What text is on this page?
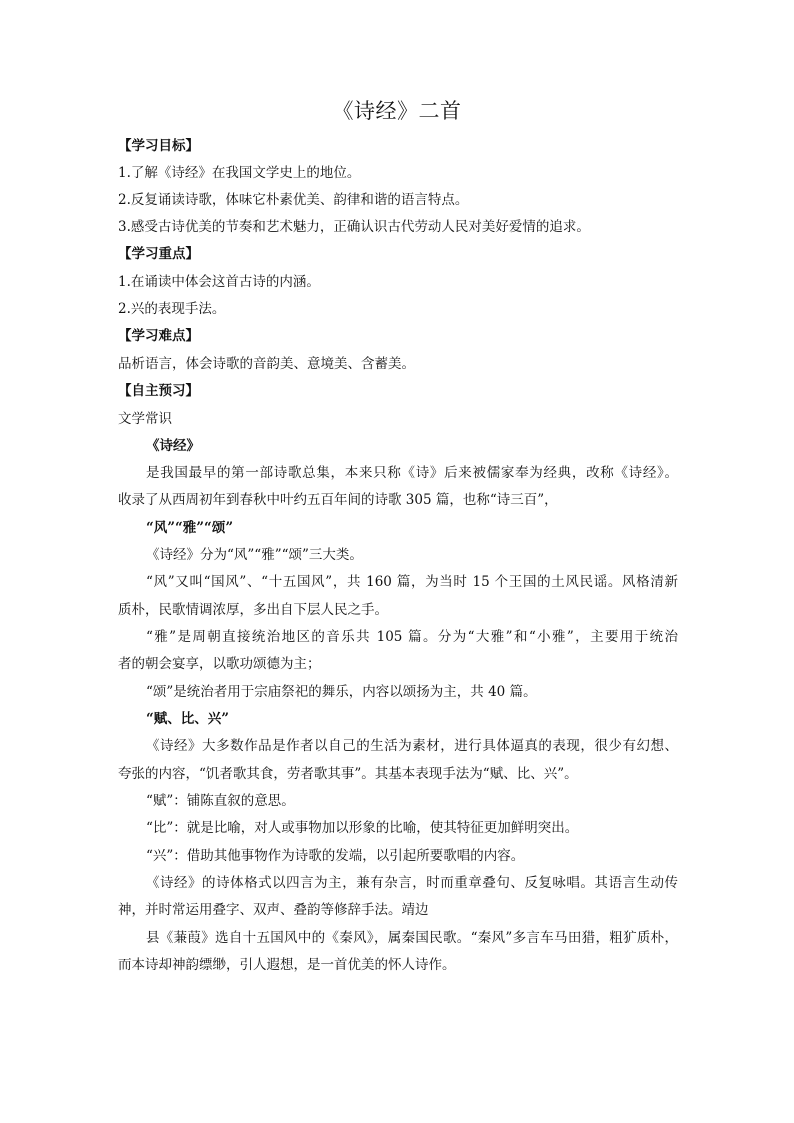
《诗经》二首
【学习目标】
1.了解《诗经》在我国文学史上的地位。
2.反复诵读诗歌，体味它朴素优美、韵律和谐的语言特点。
3.感受古诗优美的节奏和艺术魅力，正确认识古代劳动人民对美好爱情的追求。
【学习重点】
1.在诵读中体会这首古诗的内涵。
2.兴的表现手法。
【学习难点】
品析语言，体会诗歌的音韵美、意境美、含蓄美。
【自主预习】
文学常识
《诗经》
是我国最早的第一部诗歌总集，本来只称《诗》后来被儒家奉为经典，改称《诗经》。
收录了从西周初年到春秋中叶约五百年间的诗歌 305 篇，也称“诗三百”，
“风”“雅”“颂”
《诗经》分为“风”“雅”“颂”三大类。
“风”又叫“国风”、“十五国风”，共 160 篇，为当时 15 个王国的土风民谣。风格清新
质朴，民歌情调浓厚，多出自下层人民之手。
“雅”是周朝直接统治地区的音乐共 105 篇。分为“大雅”和“小雅”，主要用于统治
者的朝会宴享，以歌功颂德为主；
“颂”是统治者用于宗庙祭祀的舞乐，内容以颂扬为主，共 40 篇。
“赋、比、兴”
《诗经》大多数作品是作者以自己的生活为素材，进行具体逼真的表现，很少有幻想、
夸张的内容，“饥者歌其食，劳者歌其事”。其基本表现手法为“赋、比、兴”。
“赋”：铺陈直叙的意思。
“比”：就是比喻，对人或事物加以形象的比喻，使其特征更加鲜明突出。
“兴”：借助其他事物作为诗歌的发端，以引起所要歌唱的内容。
《诗经》的诗体格式以四言为主，兼有杂言，时而重章叠句、反复咏唱。其语言生动传
神，并时常运用叠字、双声、叠韵等修辞手法。靖边
县《蒹葭》选自十五国风中的《秦风》，属秦国民歌。“秦风”多言车马田猎，粗犷质朴，
而本诗却神韵缥缈，引人遐想，是一首优美的怀人诗作。
